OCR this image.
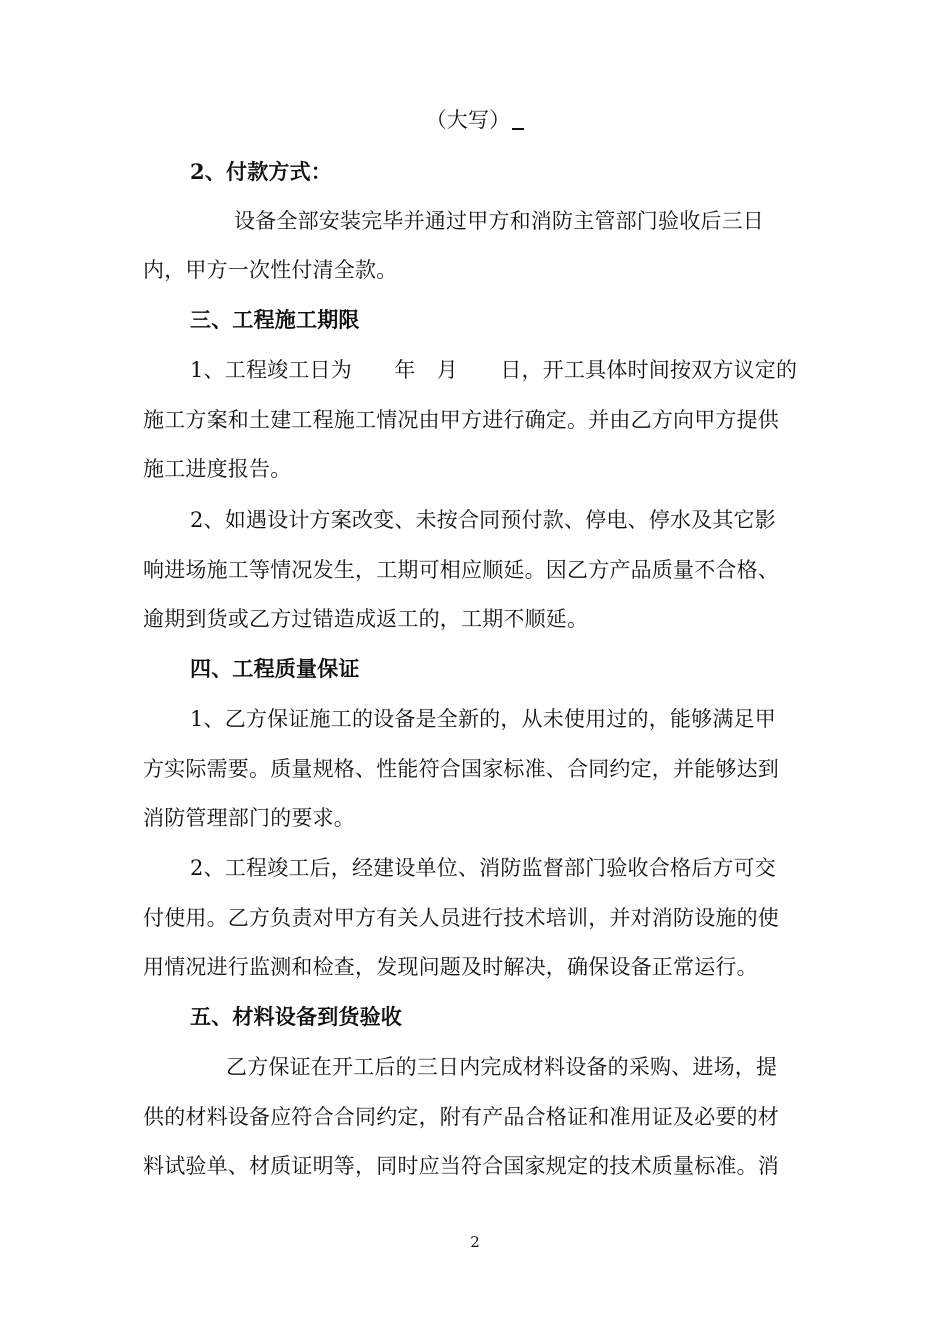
（大写）
2、付款方式：
设备全部安装完毕并通过甲方和消防主管部门验收后三日
内，甲方一次性付清全款。
三、工程施工期限
1、工程竣工日为　　年　月　　日，开工具体时间按双方议定的
施工方案和土建工程施工情况由甲方进行确定。并由乙方向甲方提供
施工进度报告。
2、如遇设计方案改变、未按合同预付款、停电、停水及其它影
响进场施工等情况发生，工期可相应顺延。因乙方产品质量不合格、
逾期到货或乙方过错造成返工的，工期不顺延。
四、工程质量保证
1、乙方保证施工的设备是全新的，从未使用过的，能够满足甲
方实际需要。质量规格、性能符合国家标准、合同约定，并能够达到
消防管理部门的要求。
2、工程竣工后，经建设单位、消防监督部门验收合格后方可交
付使用。乙方负责对甲方有关人员进行技术培训，并对消防设施的使
用情况进行监测和检查，发现问题及时解决，确保设备正常运行。
五、材料设备到货验收
乙方保证在开工后的三日内完成材料设备的采购、进场，提
供的材料设备应符合合同约定，附有产品合格证和准用证及必要的材
料试验单、材质证明等，同时应当符合国家规定的技术质量标准。消
2
